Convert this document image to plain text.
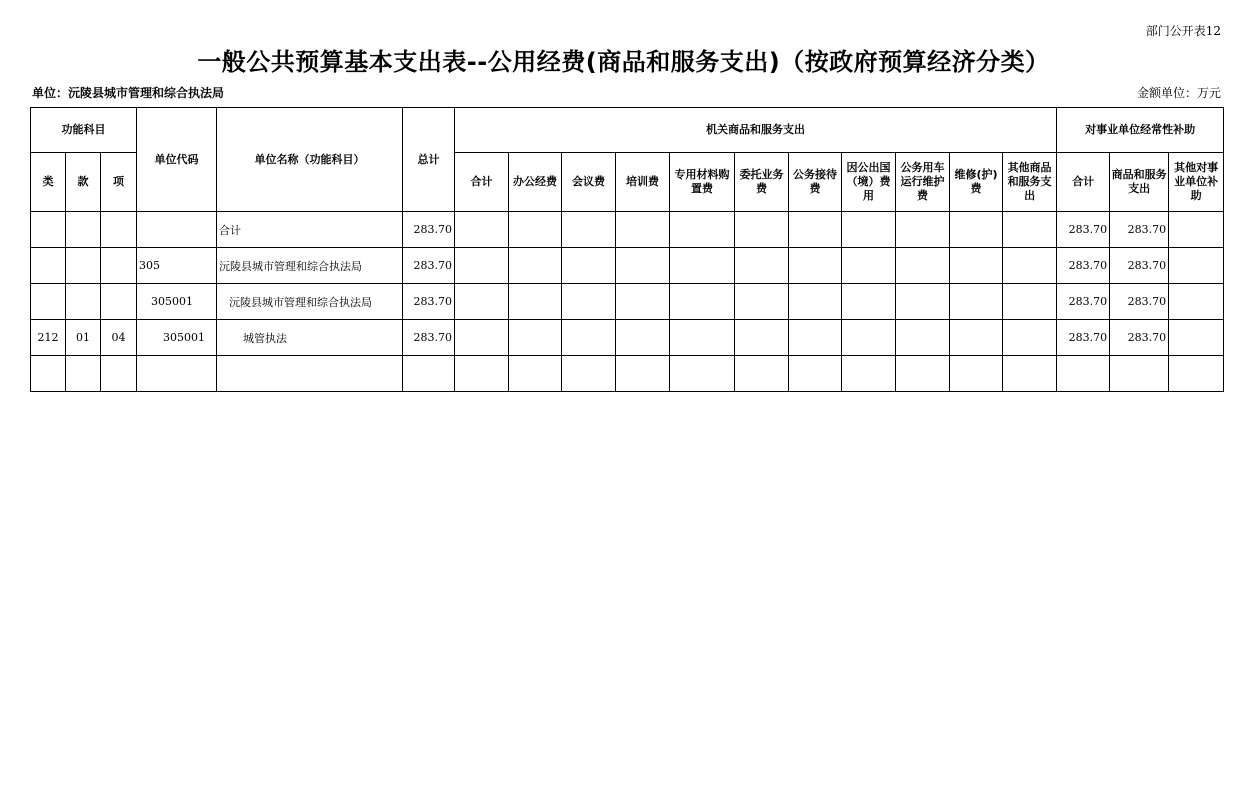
部门公开表12
一般公共预算基本支出表--公用经费(商品和服务支出)（按政府预算经济分类）
单位：沅陵县城市管理和综合执法局	金额单位：万元
功能科目			单位代码	单位名称（功能科目）	总计	机关商品和服务支出											对事业单位经常性补助		
类	款	项				合计	办公经费	会议费	培训费	专用材料购置费	委托业务费	公务接待费	因公出国（境）费用	公务用车运行维护费	维修(护)费	其他商品和服务支出	合计	商品和服务支出	其他对事业单位补助
				合计	283.70												283.70	283.70	
			305	沅陵县城市管理和综合执法局	283.70												283.70	283.70	
			305001	沅陵县城市管理和综合执法局	283.70												283.70	283.70	
212	01	04	305001	城管执法	283.70												283.70	283.70	
